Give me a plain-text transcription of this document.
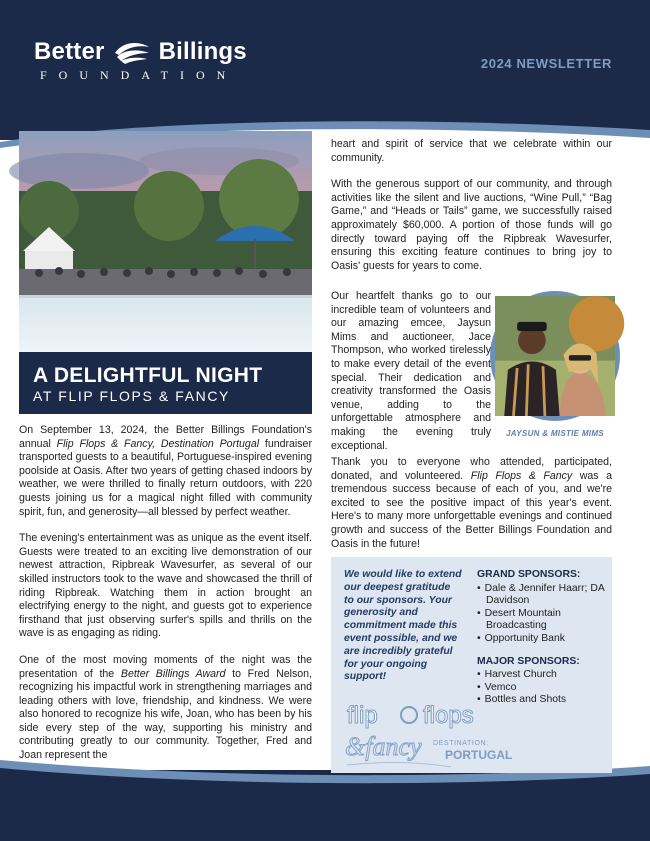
Better Billings
FOUNDATION
2024 NEWSLETTER
A DELIGHTFUL NIGHT
AT FLIP FLOPS & FANCY

On September 13, 2024, the Better Billings Foundation's annual Flip Flops & Fancy, Destination Portugal fundraiser transported guests to a beautiful, Portuguese-inspired evening poolside at Oasis. After two years of getting chased indoors by weather, we were thrilled to finally return outdoors, with 220 guests joining us for a magical night filled with community spirit, fun, and generosity—all blessed by perfect weather.

The evening's entertainment was as unique as the event itself. Guests were treated to an exciting live demonstration of our newest attraction, Ripbreak Wavesurfer, as several of our skilled instructors took to the wave and showcased the thrill of riding Ripbreak. Watching them in action brought an electrifying energy to the night, and guests got to experience firsthand that just observing surfer's spills and thrills on the wave is as engaging as riding.

One of the most moving moments of the night was the presentation of the Better Billings Award to Fred Nelson, recognizing his impactful work in strengthening marriages and leading others with love, friendship, and kindness. We were also honored to recognize his wife, Joan, who has been by his side every step of the way, supporting his ministry and contributing greatly to our community. Together, Fred and Joan represent the

heart and spirit of service that we celebrate within our community.

With the generous support of our community, and through activities like the silent and live auctions, “Wine Pull,” “Bag Game,” and “Heads or Tails” game, we successfully raised approximately $60,000. A portion of those funds will go directly toward paying off the Ripbreak Wavesurfer, ensuring this exciting feature continues to bring joy to Oasis' guests for years to come.

Our heartfelt thanks go to our incredible team of volunteers and our amazing emcee, Jaysun Mims and auctioneer, Jace Thompson, who worked tirelessly to make every detail of the event special. Their dedication and creativity transformed the Oasis venue, adding to the unforgettable atmosphere and making the evening truly exceptional.
JAYSUN & MISTIE MIMS

Thank you to everyone who attended, participated, donated, and volunteered. Flip Flops & Fancy was a tremendous success because of each of you, and we're excited to see the positive impact of this year's event. Here's to many more unforgettable evenings and continued growth and success of the Better Billings Foundation and Oasis in the future!

We would like to extend our deepest gratitude to our sponsors. Your generosity and commitment made this event possible, and we are incredibly grateful for your ongoing support!
GRAND SPONSORS:
• Dale & Jennifer Haarr; DA Davidson
• Desert Mountain Broadcasting
• Opportunity Bank
MAJOR SPONSORS:
• Harvest Church
• Vemco
• Bottles and Shots
flip flops
&fancy DESTINATION:
PORTUGAL
